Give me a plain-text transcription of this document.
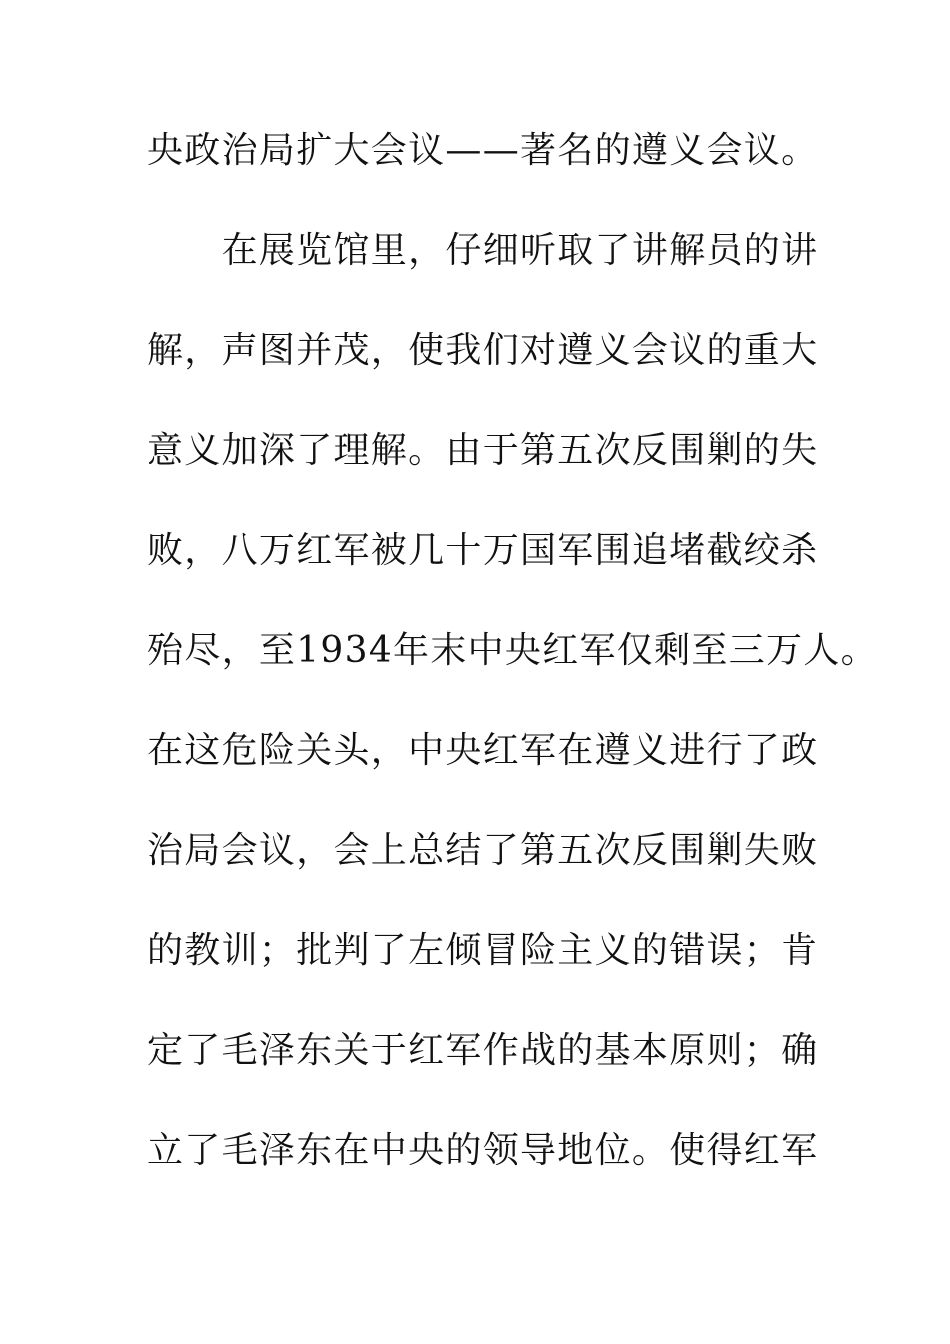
央政治局扩大会议——著名的遵义会议。
　　在展览馆里，仔细听取了讲解员的讲
解，声图并茂，使我们对遵义会议的重大
意义加深了理解。由于第五次反围剿的失
败，八万红军被几十万国军围追堵截绞杀
殆尽，至1934年末中央红军仅剩至三万人。
在这危险关头，中央红军在遵义进行了政
治局会议，会上总结了第五次反围剿失败
的教训；批判了左倾冒险主义的错误；肯
定了毛泽东关于红军作战的基本原则；确
立了毛泽东在中央的领导地位。使得红军
